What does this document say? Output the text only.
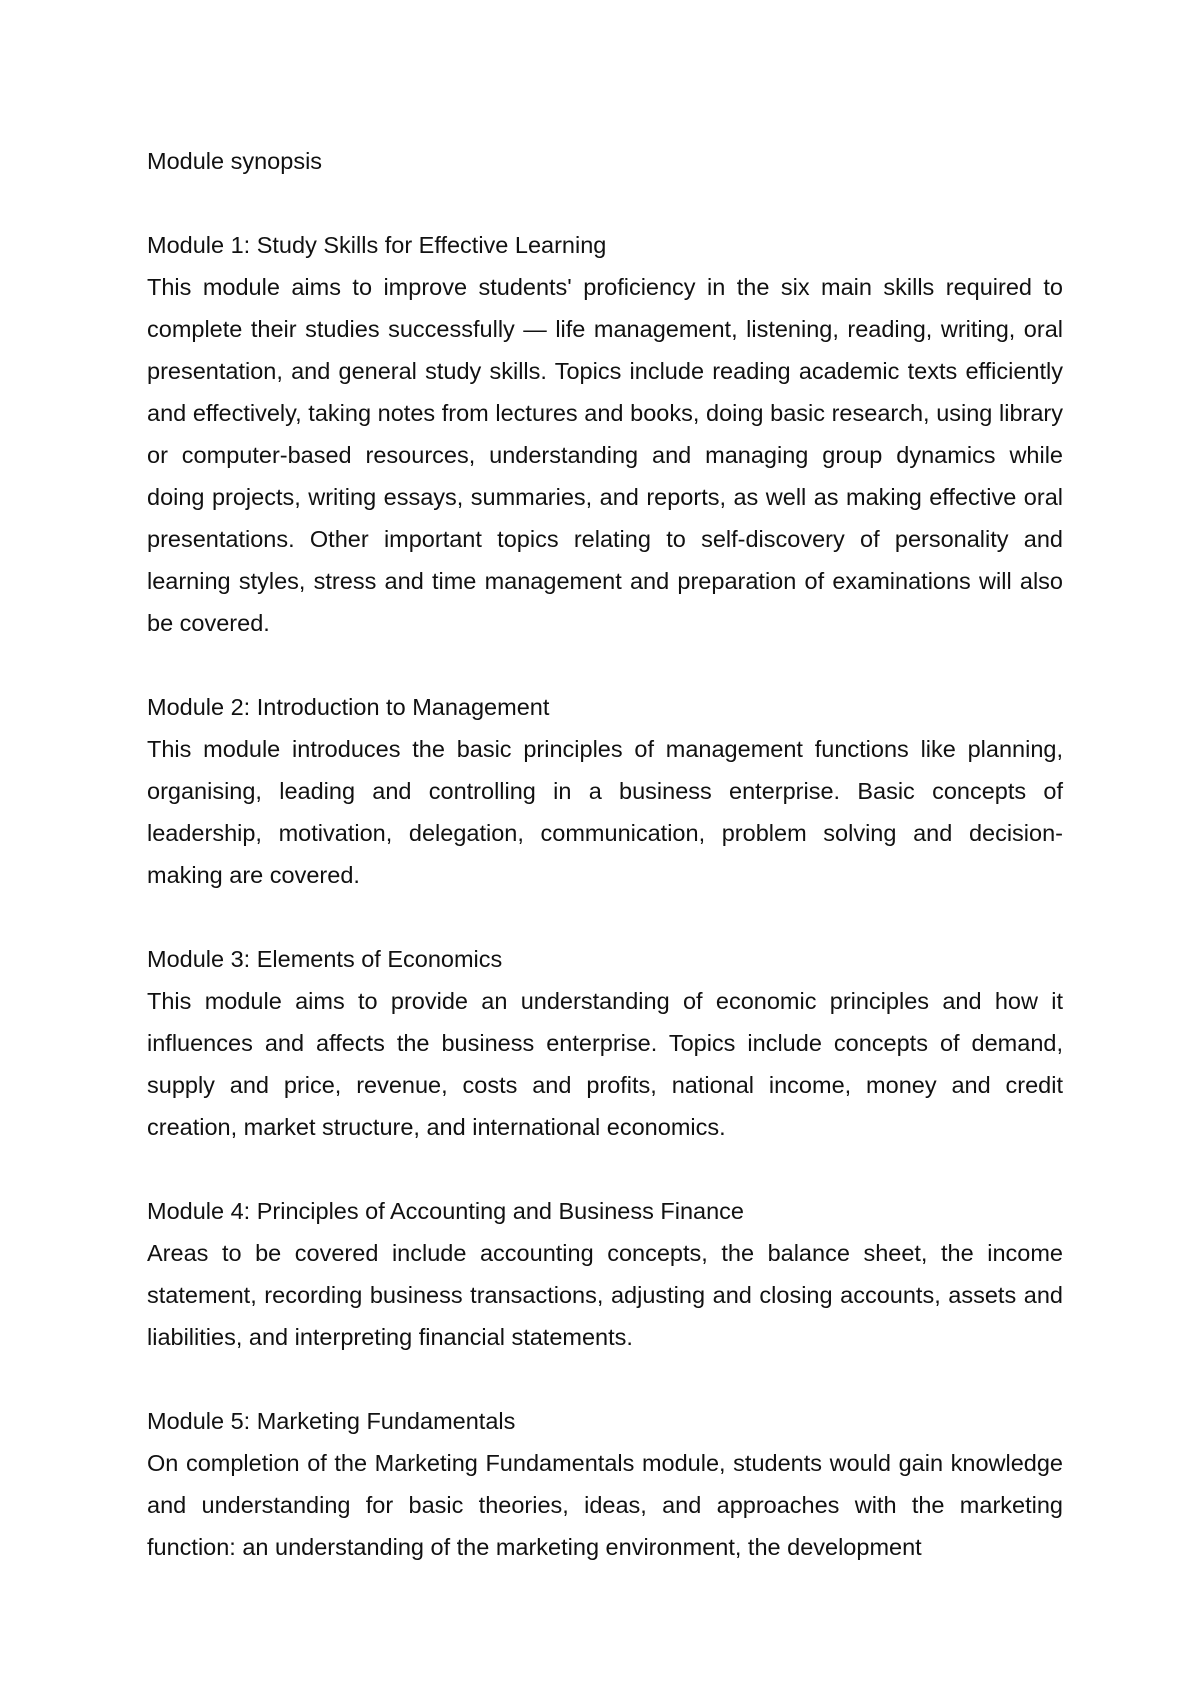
Module synopsis
Module 1: Study Skills for Effective Learning

This module aims to improve students' proficiency in the six main skills required to complete their studies successfully — life management, listening, reading, writing, oral presentation, and general study skills. Topics include reading academic texts efficiently and effectively, taking notes from lectures and books, doing basic research, using library or computer-based resources, understanding and managing group dynamics while doing projects, writing essays, summaries, and reports, as well as making effective oral presentations. Other important topics relating to self-discovery of personality and learning styles, stress and time management and preparation of examinations will also be covered.

Module 2: Introduction to Management

This module introduces the basic principles of management functions like planning, organising, leading and controlling in a business enterprise. Basic concepts of leadership, motivation, delegation, communication, problem solving and decision-making are covered.

Module 3: Elements of Economics

This module aims to provide an understanding of economic principles and how it influences and affects the business enterprise. Topics include concepts of demand, supply and price, revenue, costs and profits, national income, money and credit creation, market structure, and international economics.

Module 4: Principles of Accounting and Business Finance

Areas to be covered include accounting concepts, the balance sheet, the income statement, recording business transactions, adjusting and closing accounts, assets and liabilities, and interpreting financial statements.

Module 5: Marketing Fundamentals

On completion of the Marketing Fundamentals module, students would gain knowledge and understanding for basic theories, ideas, and approaches with the marketing function: an understanding of the marketing environment, the development
